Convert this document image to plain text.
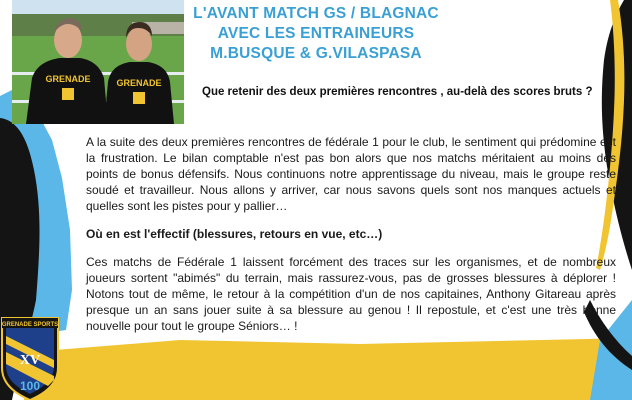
GRENADE	GRENADE
L'AVANT MATCH GS / BLAGNAC
AVEC LES ENTRAINEURS
M.BUSQUE & G.VILASPASA
Que retenir des deux premières rencontres , au-delà des scores bruts ?

A la suite des deux premières rencontres de fédérale 1 pour le club, le sentiment qui prédomine est la frustration. Le bilan comptable n'est pas bon alors que nos matchs méritaient au moins des points de bonus défensifs. Nous continuons notre apprentissage du niveau, mais le groupe reste soudé et travailleur. Nous allons y arriver, car nous savons quels sont nos manques actuels et quelles sont les pistes pour y pallier…

Où en est l'effectif (blessures, retours en vue, etc…)

Ces matchs de Fédérale 1 laissent forcément des traces sur les organismes, et de nombreux joueurs sortent "abimés" du terrain, mais rassurez-vous, pas de grosses blessures à déplorer ! Notons tout de même, le retour à la compétition d'un de nos capitaines, Anthony Gitareau après presque un an sans jouer suite à sa blessure au genou ! Il repostule, et c'est une très bonne nouvelle pour tout le groupe Séniors… !

GRENADE SPORTS
XV
100
